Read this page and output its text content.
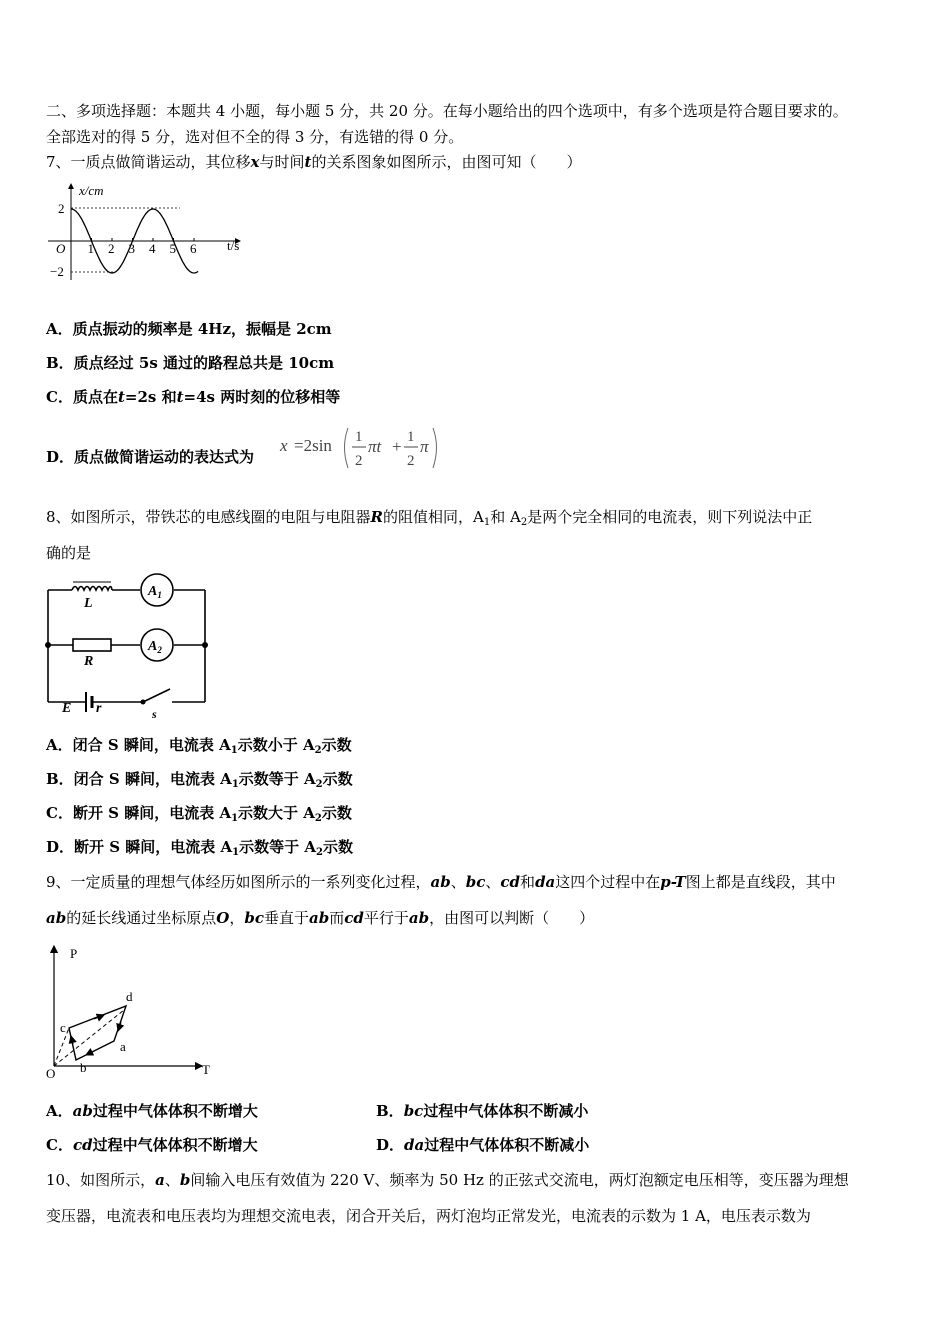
二、多项选择题：本题共 4 小题，每小题 5 分，共 20 分。在每小题给出的四个选项中，有多个选项是符合题目要求的。
全部选对的得 5 分，选对但不全的得 3 分，有选错的得 0 分。
7、一质点做简谐运动，其位移x与时间t的关系图象如图所示，由图可知（　　）
x/cm
t/s
O
2
−2
1 2 3 4 5 6
A．质点振动的频率是 4Hz，振幅是 2cm
B．质点经过 5s 通过的路程总共是 10cm
C．质点在t=2s 和t=4s 两时刻的位移相等
D．质点做简谐运动的表达式为
x =2sin 1
2
πt + 1
2
π
8、如图所示，带铁芯的电感线圈的电阻与电阻器R的阻值相同，$A_1$和 $A_2$是两个完全相同的电流表，则下列说法中正
确的是
L
R
E r	s
$A_1$
$A_2$
A．闭合 S 瞬间，电流表 $A_1$示数小于 $A_2$示数
B．闭合 S 瞬间，电流表 $A_1$示数等于 $A_2$示数
C．断开 S 瞬间，电流表 $A_1$示数大于 $A_2$示数
D．断开 S 瞬间，电流表 $A_1$示数等于 $A_2$示数
9、一定质量的理想气体经历如图所示的一系列变化过程，ab、bc、cd和da这四个过程中在p-T图上都是直线段，其中
ab的延长线通过坐标原点O，bc垂直于ab而cd平行于ab，由图可以判断（　　）
P
T
O
a
b
c
d
A．ab过程中气体体积不断增大	B．bc过程中气体体积不断减小
C．cd过程中气体体积不断增大	D．da过程中气体体积不断减小
10、如图所示，a、b间输入电压有效值为 220 V、频率为 50 Hz 的正弦式交流电，两灯泡额定电压相等，变压器为理想
变压器，电流表和电压表均为理想交流电表，闭合开关后，两灯泡均正常发光，电流表的示数为 1 A，电压表示数为
